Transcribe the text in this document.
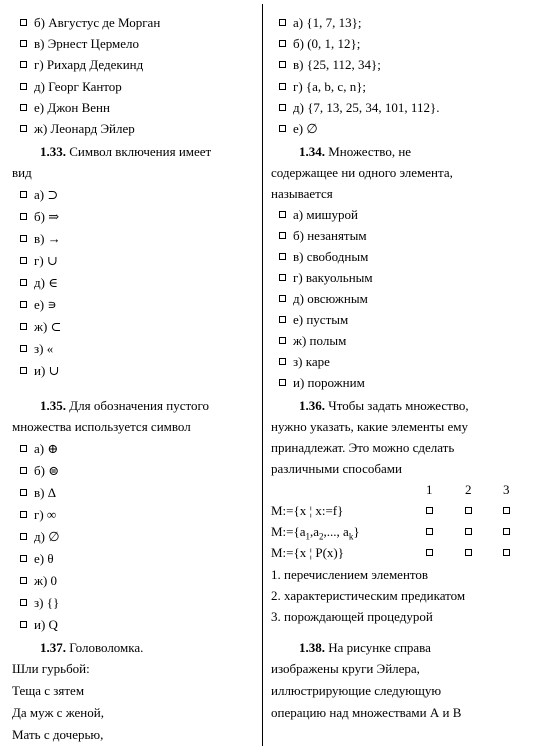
б) Августус де Морган
в) Эрнест Цермело
г) Рихард Дедекинд
д) Георг Кантор
е) Джон Венн
ж) Леонард Эйлер
1.33. Символ включения имеет
вид
а) ⊃
б) ⇒
в) →
г) ∪
д) ∈
е) ∍
ж) ⊂
з) «
и) ∪
1.35. Для обозначения пустого
множества используется символ
а) ⊕
б) ⊜
в) Δ
г) ∞
д) ∅
е) θ
ж) 0
з) {}
и) Q
1.37. Головоломка.
Шли гурьбой:
Теща с зятем
Да муж с женой,
Мать с дочерью,
а) {1, 7, 13};
б) (0, 1, 12};
в) {25, 112, 34};
г) {a, b, c, n};
д) {7, 13, 25, 34, 101, 112}.
е) ∅
1.34. Множество, не
содержащее ни одного элемента,
называется
а) мишурой
б) незанятым
в) свободным
г) вакуольным
д) овсюжным
е) пустым
ж) полым
з) каре
и) порожним
1.36. Чтобы задать множество,
нужно указать, какие элементы ему
принадлежат. Это можно сделать
различными способами
1	2 3
M:={x ¦ x:=f}
$M:=\{a_1,a_2$,..., $a_k$}
M:={x ¦ P(x)}
1. перечислением элементов
2. характеристическим предикатом
3. порождающей процедурой
1.38. На рисунке справа
изображены круги Эйлера,
иллюстрирующие следующую
операцию над множествами А и В
